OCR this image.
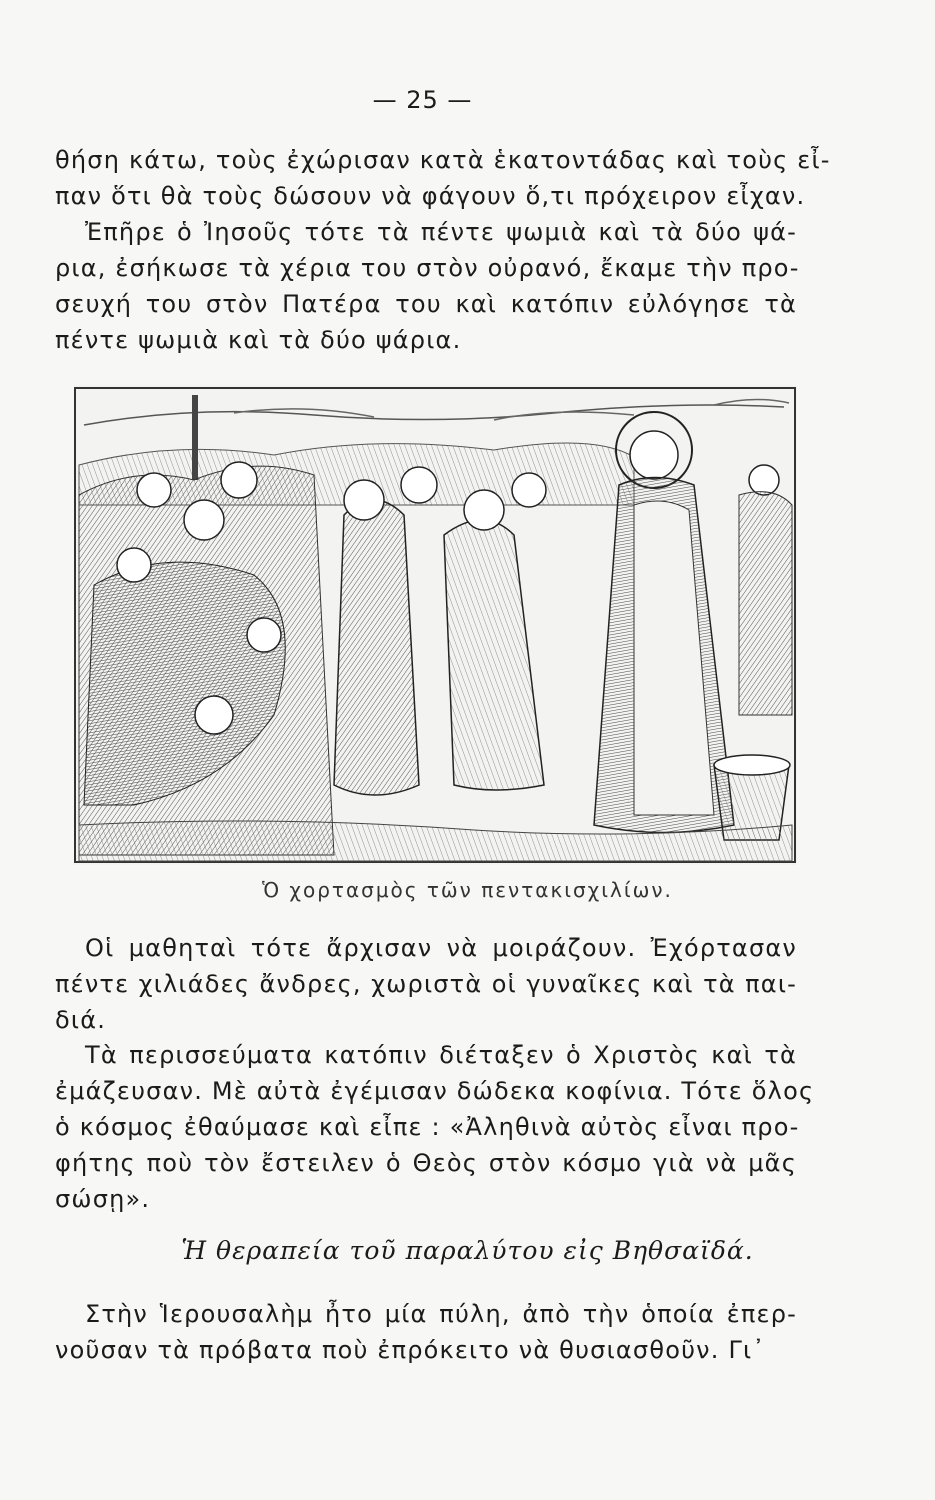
— 25 —
θήση κάτω, τοὺς ἐχώρισαν κατὰ ἑκατοντάδας καὶ τοὺς εἶ-
παν ὅτι θὰ τοὺς δώσουν νὰ φάγουν ὅ,τι πρόχειρον εἶχαν.
Ἐπῆρε ὁ Ἰησοῦς τότε τὰ πέντε ψωμιὰ καὶ τὰ δύο ψά-
ρια, ἐσήκωσε τὰ χέρια του στὸν οὐρανό, ἔκαμε τὴν προ-
σευχή του στὸν Πατέρα του καὶ κατόπιν εὐλόγησε τὰ
πέντε ψωμιὰ καὶ τὰ δύο ψάρια.
Ὁ χορτασμὸς τῶν πεντακισχιλίων.
Οἱ μαθηταὶ τότε ἄρχισαν νὰ μοιράζουν. Ἐχόρτασαν
πέντε χιλιάδες ἄνδρες, χωριστὰ οἱ γυναῖκες καὶ τὰ παι-
διά.
Τὰ περισσεύματα κατόπιν διέταξεν ὁ Χριστὸς καὶ τὰ
ἐμάζευσαν. Μὲ αὐτὰ ἐγέμισαν δώδεκα κοφίνια. Τότε ὅλος
ὁ κόσμος ἐθαύμασε καὶ εἶπε : «Ἀληθινὰ αὐτὸς εἶναι προ-
φήτης ποὺ τὸν ἔστειλεν ὁ Θεὸς στὸν κόσμο γιὰ νὰ μᾶς
σώσῃ».
Ἡ θεραπεία τοῦ παραλύτου εἰς Βηθσαϊδά.
Στὴν Ἱερουσαλὴμ ἦτο μία πύλη, ἀπὸ τὴν ὁποία ἐπερ-
νοῦσαν τὰ πρόβατα ποὺ ἐπρόκειτο νὰ θυσιασθοῦν. Γι᾽
